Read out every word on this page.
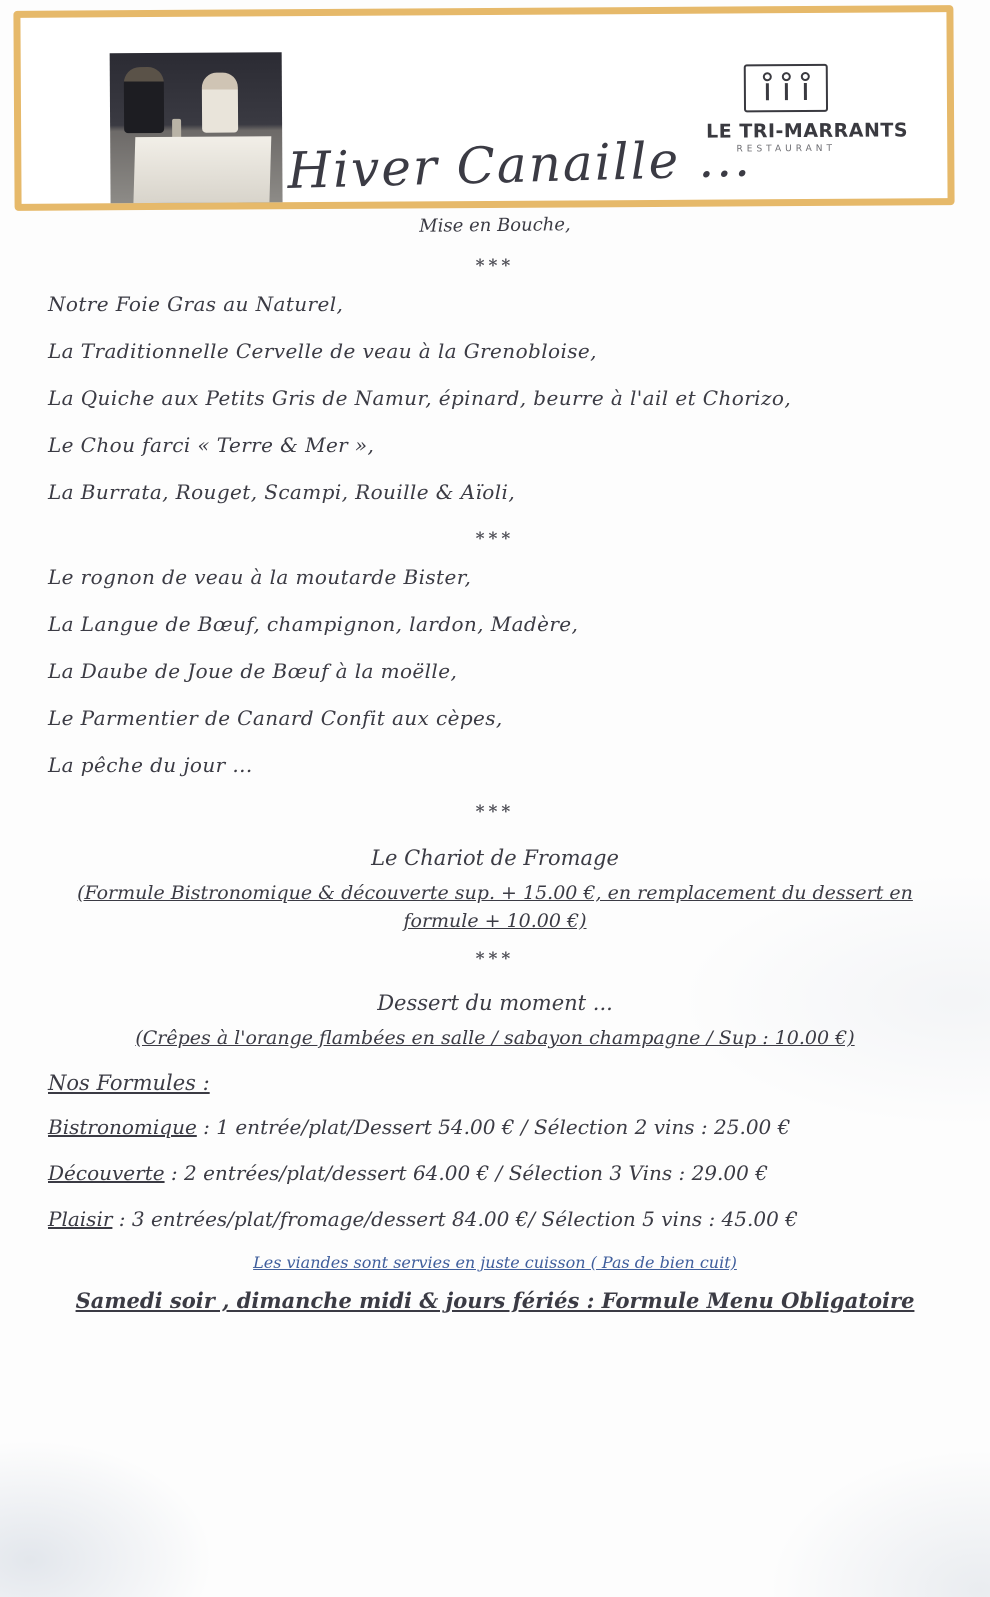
Hiver Canaille ...
LE TRI-MARRANTS
RESTAURANT
Mise en Bouche,
***
Notre Foie Gras au Naturel,
La Traditionnelle Cervelle de veau à la Grenobloise,
La Quiche aux Petits Gris de Namur, épinard, beurre à l'ail et Chorizo,
Le Chou farci « Terre & Mer »,
La Burrata, Rouget, Scampi, Rouille & Aïoli,
***
Le rognon de veau à la moutarde Bister,
La Langue de Bœuf, champignon, lardon, Madère,
La Daube de Joue de Bœuf à la moëlle,
Le Parmentier de Canard Confit aux cèpes,
La pêche du jour ...
***
Le Chariot de Fromage
(Formule Bistronomique & découverte sup. + 15.00 €, en remplacement du dessert en formule + 10.00 €)
***
Dessert du moment ...
(Crêpes à l'orange flambées en salle / sabayon champagne / Sup : 10.00 €)
Nos Formules :
Bistronomique : 1 entrée/plat/Dessert 54.00 € / Sélection 2 vins : 25.00 €
Découverte : 2 entrées/plat/dessert 64.00 € / Sélection 3 Vins : 29.00 €
Plaisir : 3 entrées/plat/fromage/dessert 84.00 €/ Sélection 5 vins : 45.00 €
Les viandes sont servies en juste cuisson ( Pas de bien cuit)
Samedi soir , dimanche midi & jours fériés : Formule Menu Obligatoire
